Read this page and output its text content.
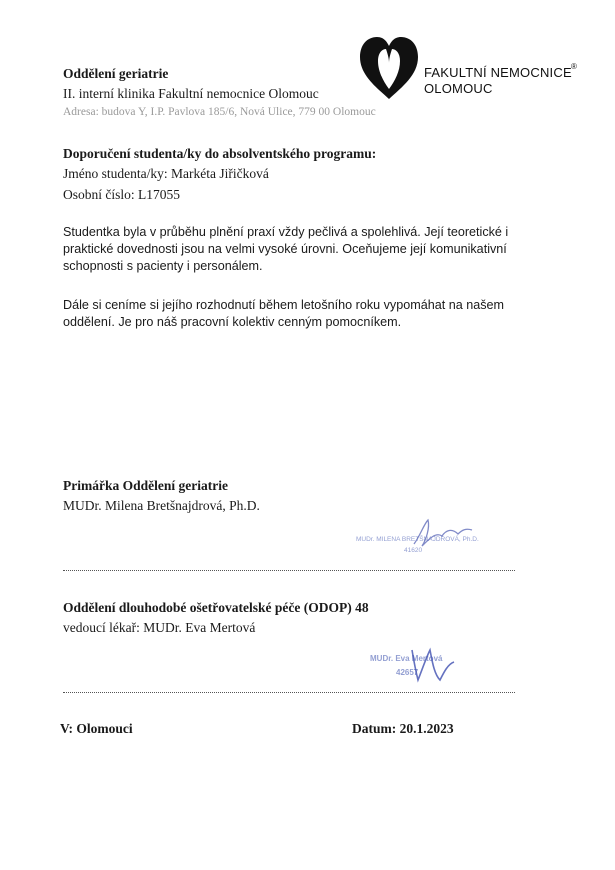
Oddělení geriatrie
II. interní klinika Fakultní nemocnice Olomouc
Adresa: budova Y, I.P. Pavlova 185/6, Nová Ulice, 779 00 Olomouc
FAKULTNÍ NEMOCNICE ®
OLOMOUC
Doporučení studenta/ky do absolventského programu:
Jméno studenta/ky: Markéta Jiřičková
Osobní číslo: L17055
Studentka byla v průběhu plnění praxí vždy pečlivá a spolehlivá. Její teoretické i praktické dovednosti jsou na velmi vysoké úrovni. Oceňujeme její komunikativní schopnosti s pacienty i personálem.
Dále si ceníme si jejího rozhodnutí během letošního roku vypomáhat na našem oddělení. Je pro náš pracovní kolektiv cenným pomocníkem.
Primářka Oddělení geriatrie
MUDr. Milena Bretšnajdrová, Ph.D.
MUDr. MILENA BRETŠNAJDROVÁ, Ph.D.
41620
Oddělení dlouhodobé ošetřovatelské péče (ODOP) 48
vedoucí lékař: MUDr. Eva Mertová
MUDr. Eva Mertová
42657
V: Olomouci	Datum: 20.1.2023
